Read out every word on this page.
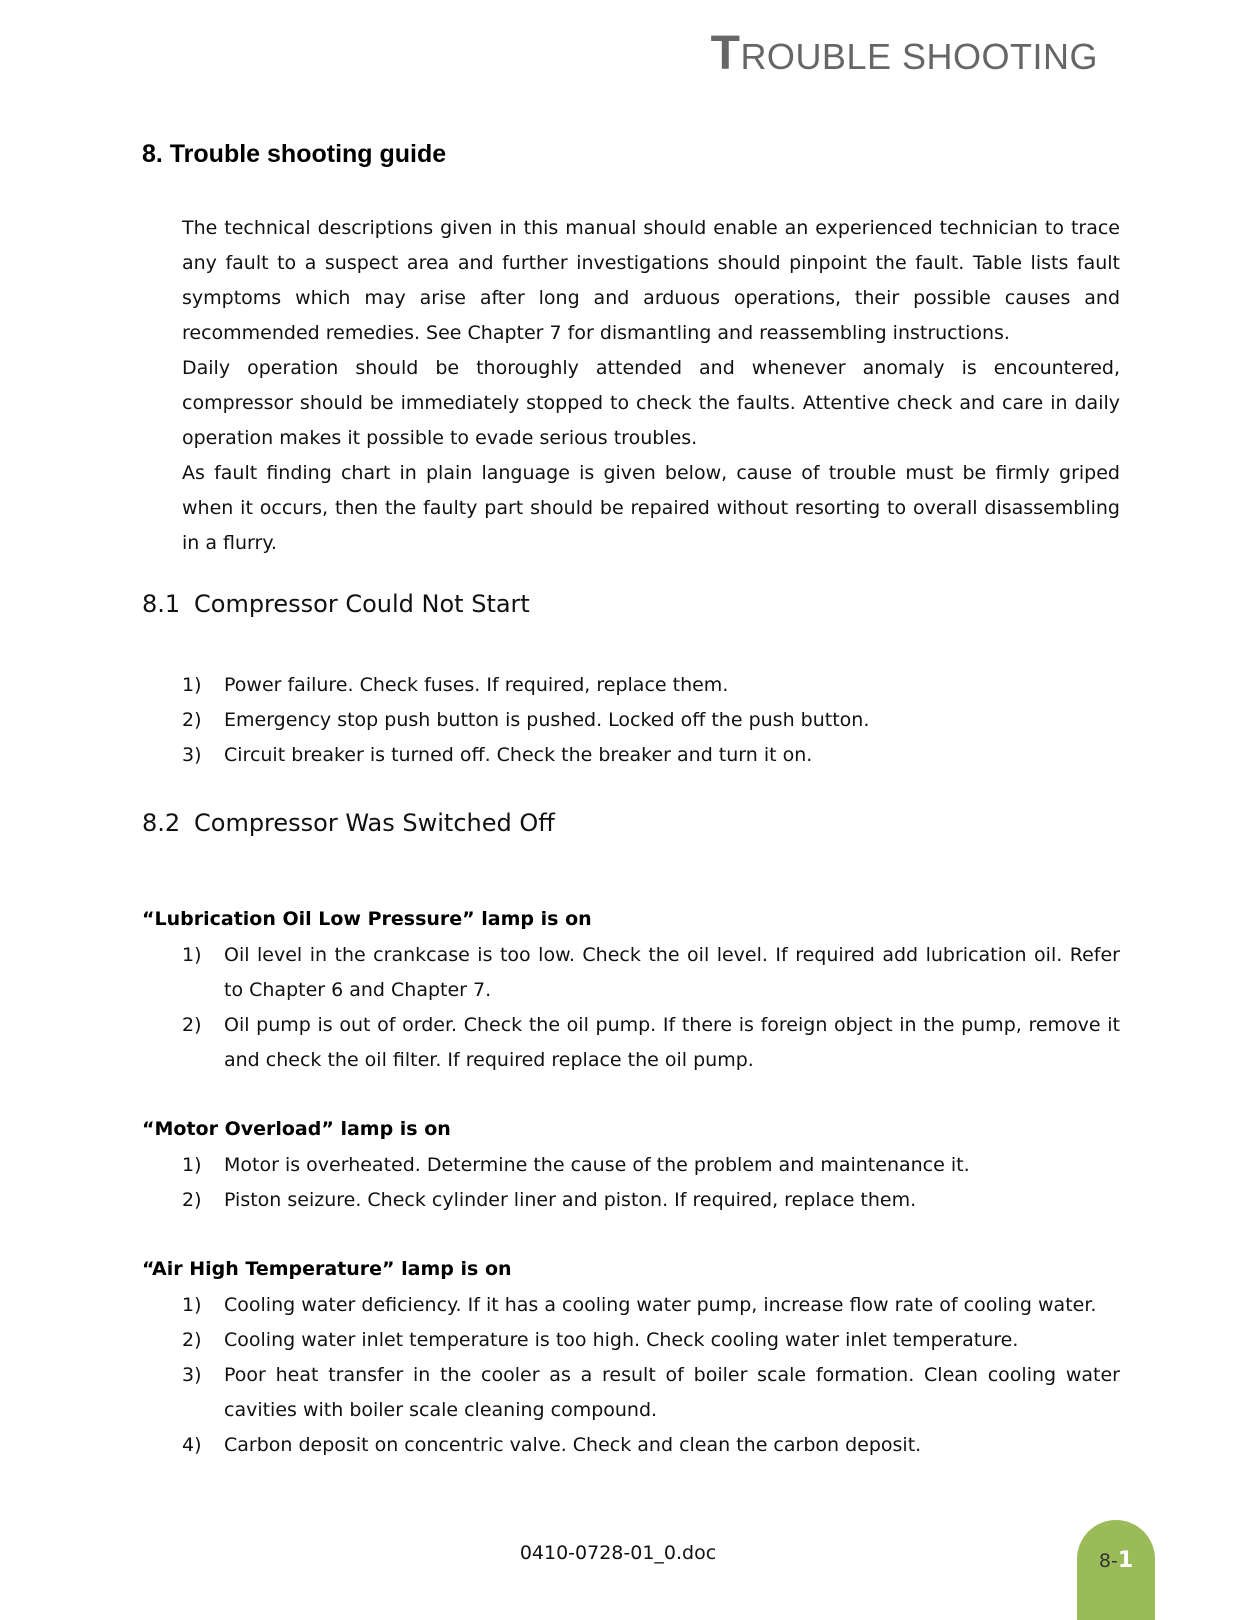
TROUBLE SHOOTING
8. Trouble shooting guide

The technical descriptions given in this manual should enable an experienced technician to trace any fault to a suspect area and further investigations should pinpoint the fault. Table lists fault symptoms which may arise after long and arduous operations, their possible causes and recommended remedies. See Chapter 7 for dismantling and reassembling instructions.

Daily operation should be thoroughly attended and whenever anomaly is encountered, compressor should be immediately stopped to check the faults. Attentive check and care in daily operation makes it possible to evade serious troubles.

As fault finding chart in plain language is given below, cause of trouble must be firmly griped when it occurs, then the faulty part should be repaired without resorting to overall disassembling in a flurry.

8.1 Compressor Could Not Start
1) Power failure. Check fuses. If required, replace them.
2) Emergency stop push button is pushed. Locked off the push button.
3) Circuit breaker is turned off. Check the breaker and turn it on.
8.2 Compressor Was Switched Off
“Lubrication Oil Low Pressure” lamp is on
1) Oil level in the crankcase is too low. Check the oil level. If required add lubrication oil. Refer to Chapter 6 and Chapter 7.
2) Oil pump is out of order. Check the oil pump. If there is foreign object in the pump, remove it and check the oil filter. If required replace the oil pump.
“Motor Overload” lamp is on
1) Motor is overheated. Determine the cause of the problem and maintenance it.
2) Piston seizure. Check cylinder liner and piston. If required, replace them.
“Air High Temperature” lamp is on
1) Cooling water deficiency. If it has a cooling water pump, increase flow rate of cooling water.
2) Cooling water inlet temperature is too high. Check cooling water inlet temperature.
3) Poor heat transfer in the cooler as a result of boiler scale formation. Clean cooling water cavities with boiler scale cleaning compound.
4) Carbon deposit on concentric valve. Check and clean the carbon deposit.
0410-0728-01_0.doc	8-1
